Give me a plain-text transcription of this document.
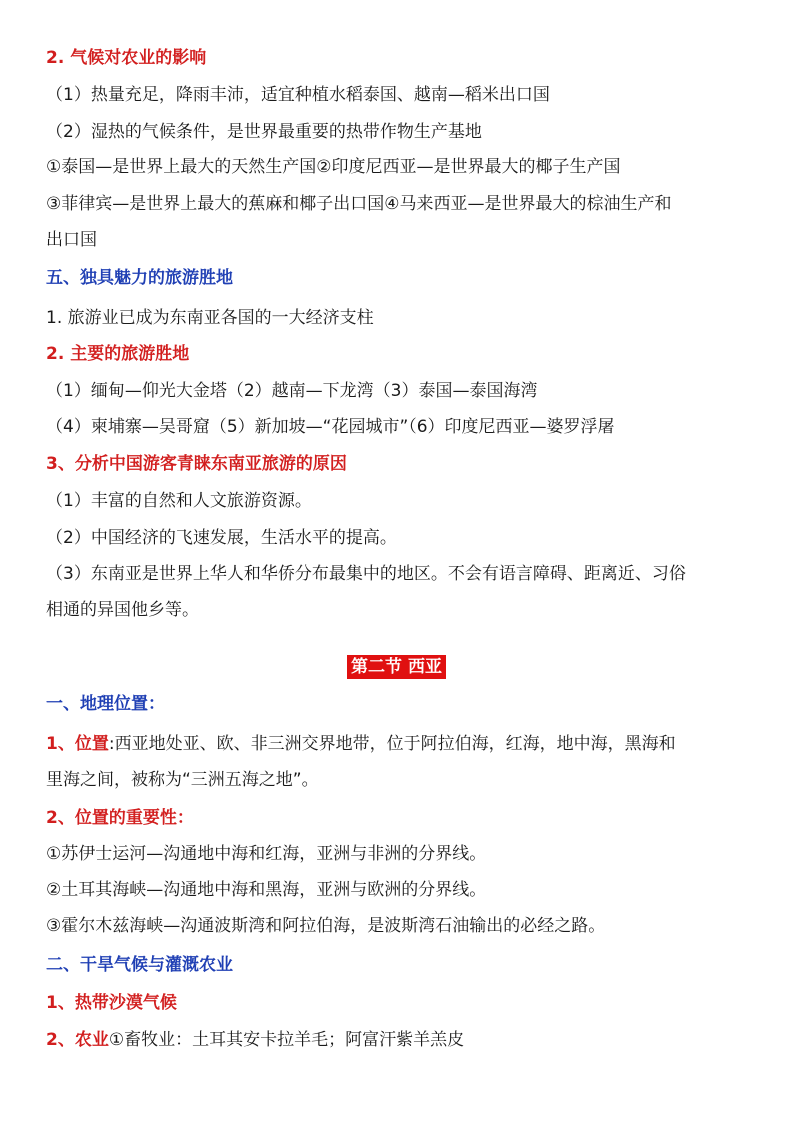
2. 气候对农业的影响
（1）热量充足，降雨丰沛，适宜种植水稻泰国、越南—稻米出口国
（2）湿热的气候条件，是世界最重要的热带作物生产基地
①泰国—是世界上最大的天然生产国②印度尼西亚—是世界最大的椰子生产国
③菲律宾—是世界上最大的蕉麻和椰子出口国④马来西亚—是世界最大的棕油生产和
出口国
五、独具魅力的旅游胜地
1. 旅游业已成为东南亚各国的一大经济支柱
2. 主要的旅游胜地
（1）缅甸—仰光大金塔（2）越南—下龙湾（3）泰国—泰国海湾
（4）柬埔寨—吴哥窟（5）新加坡—“花园城市”（6）印度尼西亚—婆罗浮屠
3、分析中国游客青睐东南亚旅游的原因
（1）丰富的自然和人文旅游资源。
（2）中国经济的飞速发展，生活水平的提高。
（3）东南亚是世界上华人和华侨分布最集中的地区。不会有语言障碍、距离近、习俗
相通的异国他乡等。
第二节 西亚
一、地理位置：
1、位置:西亚地处亚、欧、非三洲交界地带，位于阿拉伯海，红海，地中海，黑海和
里海之间，被称为“三洲五海之地”。
2、位置的重要性：
①苏伊士运河—沟通地中海和红海，亚洲与非洲的分界线。
②土耳其海峡—沟通地中海和黑海，亚洲与欧洲的分界线。
③霍尔木兹海峡—沟通波斯湾和阿拉伯海，是波斯湾石油输出的必经之路。
二、干旱气候与灌溉农业
1、热带沙漠气候
2、农业①畜牧业：土耳其安卡拉羊毛；阿富汗紫羊羔皮
